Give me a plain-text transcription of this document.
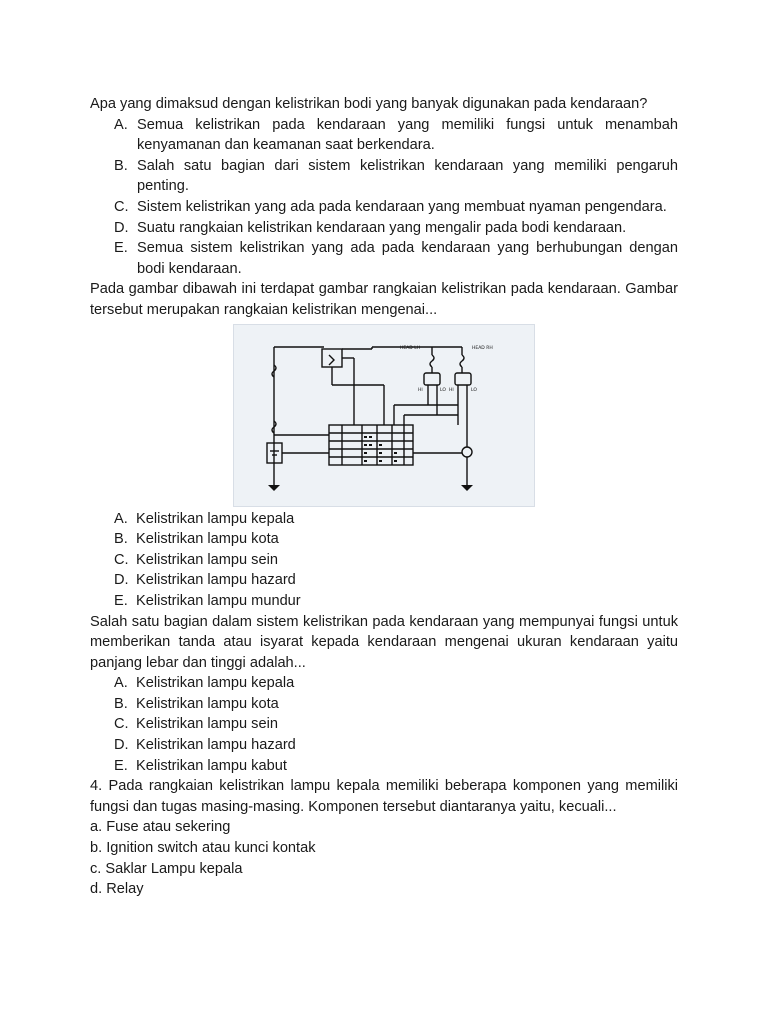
Apa yang dimaksud dengan kelistrikan bodi yang banyak digunakan pada kendaraan?

A. Semua kelistrikan pada kendaraan yang memiliki fungsi untuk menambah kenyamanan dan keamanan saat berkendara.
B. Salah satu bagian dari sistem kelistrikan kendaraan yang memiliki pengaruh penting.
C. Sistem kelistrikan yang ada pada kendaraan yang membuat nyaman pengendara.
D. Suatu rangkaian kelistrikan kendaraan yang mengalir pada bodi kendaraan.
E. Semua sistem kelistrikan yang ada pada kendaraan yang berhubungan dengan bodi kendaraan.

Pada gambar dibawah ini terdapat gambar rangkaian kelistrikan pada kendaraan. Gambar tersebut merupakan rangkaian kelistrikan mengenai...

HEAD LH	HEAD RH
HI	LO HI	LO
A. Kelistrikan lampu kepala
B. Kelistrikan lampu kota
C. Kelistrikan lampu sein
D. Kelistrikan lampu hazard
E. Kelistrikan lampu mundur

Salah satu bagian dalam sistem kelistrikan pada kendaraan yang mempunyai fungsi untuk memberikan tanda atau isyarat kepada kendaraan mengenai ukuran kendaraan yaitu panjang lebar dan tinggi adalah...

A. Kelistrikan lampu kepala
B. Kelistrikan lampu kota
C. Kelistrikan lampu sein
D. Kelistrikan lampu hazard
E. Kelistrikan lampu kabut

4. Pada rangkaian kelistrikan lampu kepala memiliki beberapa komponen yang memiliki fungsi dan tugas masing-masing. Komponen tersebut diantaranya yaitu, kecuali...

a. Fuse atau sekering

b. Ignition switch atau kunci kontak

c. Saklar Lampu kepala

d. Relay
